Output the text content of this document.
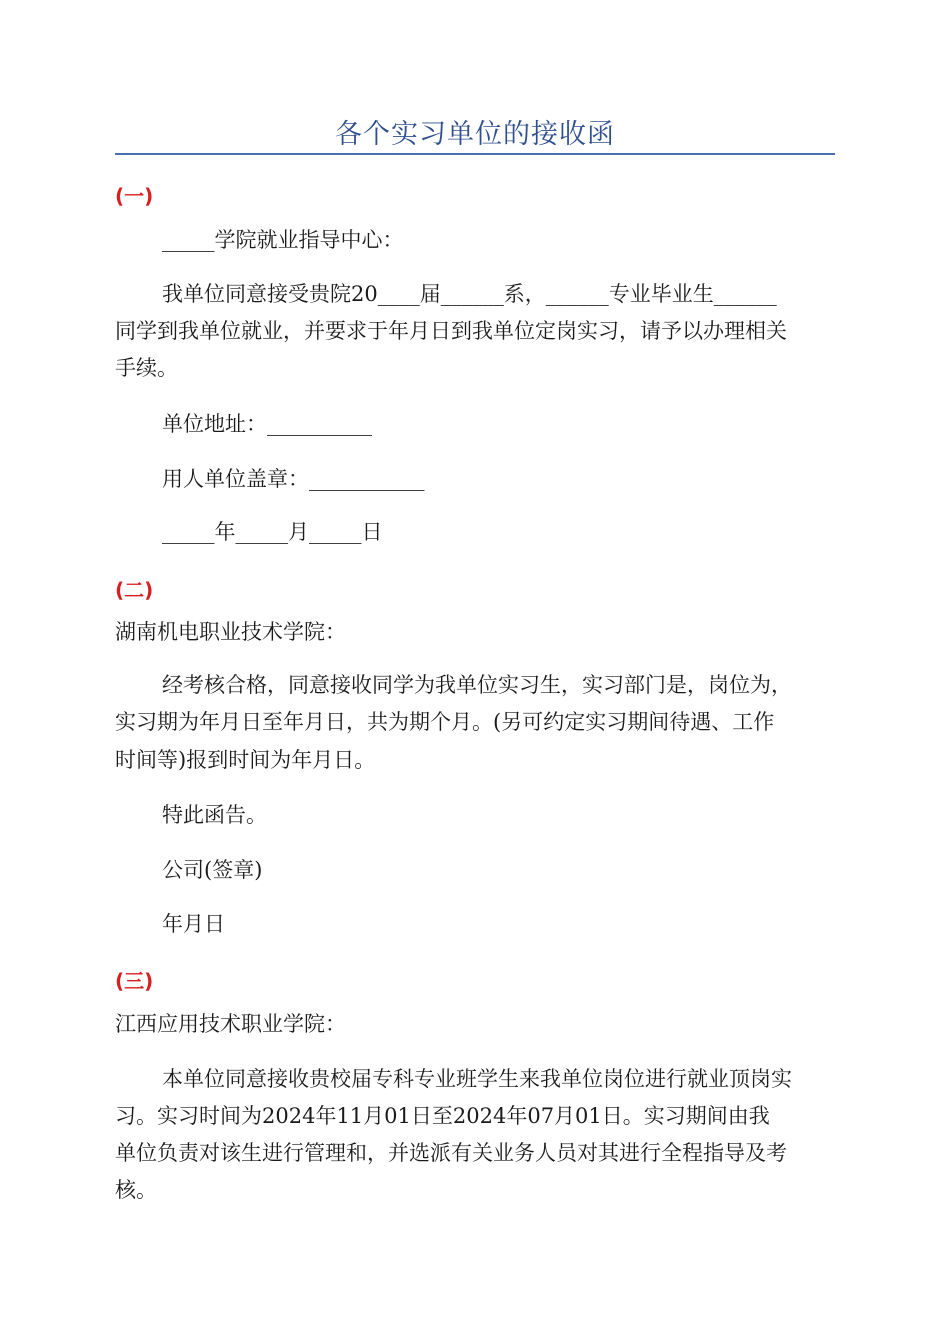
各个实习单位的接收函
(一)
_____学院就业指导中心：
我单位同意接受贵院20____届______系，______专业毕业生______
同学到我单位就业，并要求于年月日到我单位定岗实习，请予以办理相关
手续。
单位地址：__________
用人单位盖章：___________
_____年_____月_____日
(二)
湖南机电职业技术学院：
经考核合格，同意接收同学为我单位实习生，实习部门是，岗位为，
实习期为年月日至年月日，共为期个月。(另可约定实习期间待遇、工作
时间等)报到时间为年月日。
特此函告。
公司(签章)
年月日
(三)
江西应用技术职业学院：
本单位同意接收贵校届专科专业班学生来我单位岗位进行就业顶岗实
习。实习时间为2024年11月01日至2024年07月01日。实习期间由我
单位负责对该生进行管理和，并选派有关业务人员对其进行全程指导及考
核。
